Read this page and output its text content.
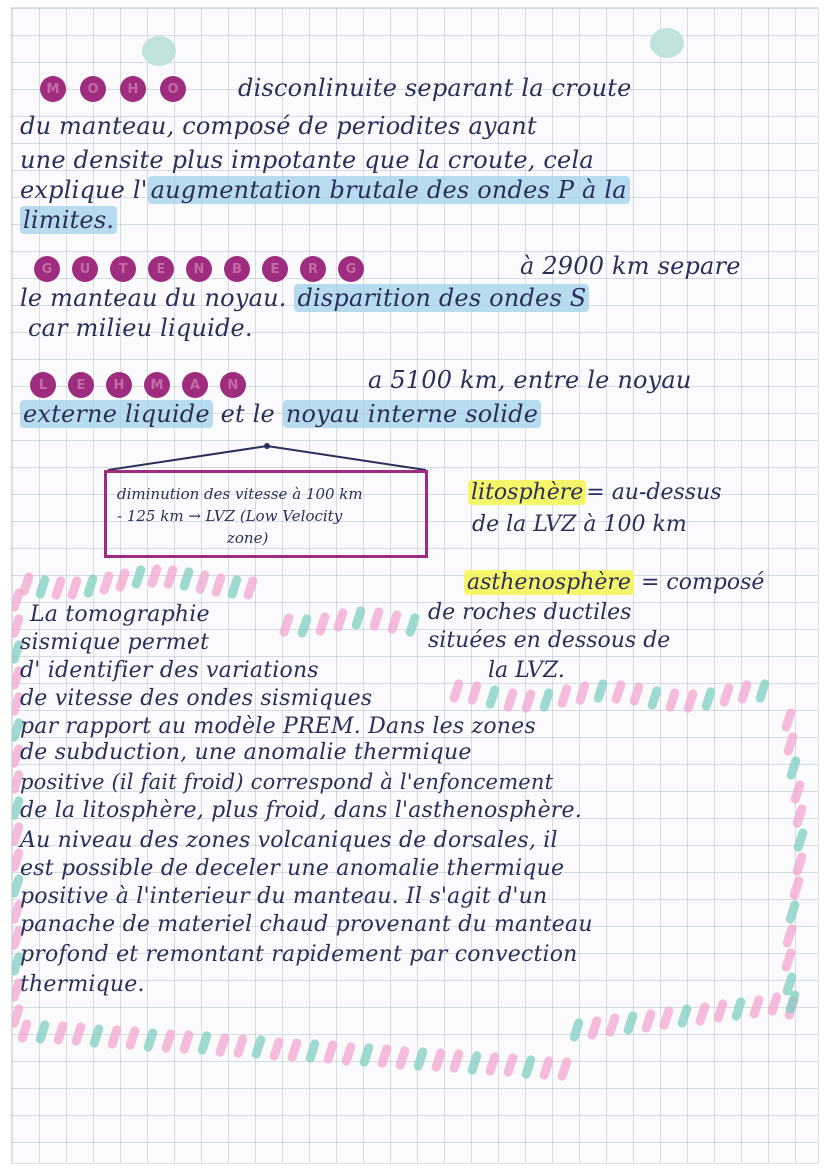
M	O	H	O	disconlinuite separant la croute
du manteau, composé de periodites ayant
une densite plus impotante que la croute, cela
explique l' augmentation brutale des ondes P à la
limites.
G	U	T	E	N	B	E	R	G	à 2900 km separe
le manteau du noyau. disparition des ondes S
car milieu liquide.
L	E	H	M	A	N	a 5100 km, entre le noyau
externe liquide et le noyau interne solide
diminution des vitesse à 100 km
- 125 km → LVZ (Low Velocity
zone)
litosphère = au-dessus
de la LVZ à 100 km
asthenosphère = composé
de roches ductiles
situées en dessous de
la LVZ.
La tomographie
sismique permet
d' identifier des variations
de vitesse des ondes sismiques
par rapport au modèle PREM. Dans les zones
de subduction, une anomalie thermique
positive (il fait froid) correspond à l'enfoncement
de la litosphère, plus froid, dans l'asthenosphère.
Au niveau des zones volcaniques de dorsales, il
est possible de deceler une anomalie thermique
positive à l'interieur du manteau. Il s'agit d'un
panache de materiel chaud provenant du manteau
profond et remontant rapidement par convection
thermique.
